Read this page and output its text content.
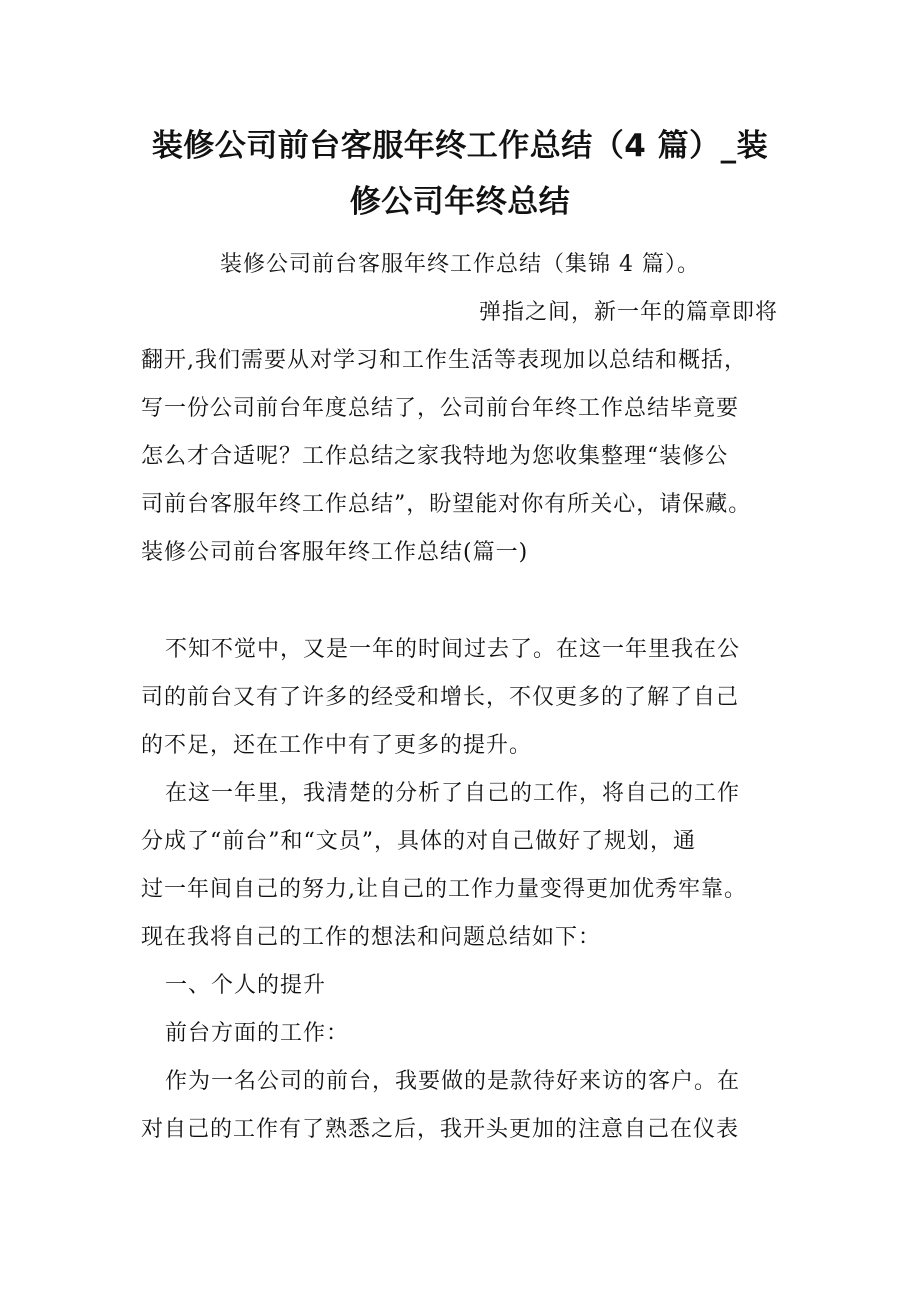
装修公司前台客服年终工作总结（4 篇）_装
修公司年终总结
装修公司前台客服年终工作总结（集锦 4 篇）。
弹指之间，新一年的篇章即将
翻开,我们需要从对学习和工作生活等表现加以总结和概括，
写一份公司前台年度总结了，公司前台年终工作总结毕竟要
怎么才合适呢？工作总结之家我特地为您收集整理“装修公
司前台客服年终工作总结”，盼望能对你有所关心，请保藏。
装修公司前台客服年终工作总结(篇一)
不知不觉中，又是一年的时间过去了。在这一年里我在公
司的前台又有了许多的经受和增长，不仅更多的了解了自己
的不足，还在工作中有了更多的提升。
在这一年里，我清楚的分析了自己的工作，将自己的工作
分成了“前台”和“文员”，具体的对自己做好了规划，通
过一年间自己的努力,让自己的工作力量变得更加优秀牢靠。
现在我将自己的工作的想法和问题总结如下：
一、个人的提升
前台方面的工作：
作为一名公司的前台，我要做的是款待好来访的客户。在
对自己的工作有了熟悉之后，我开头更加的注意自己在仪表
